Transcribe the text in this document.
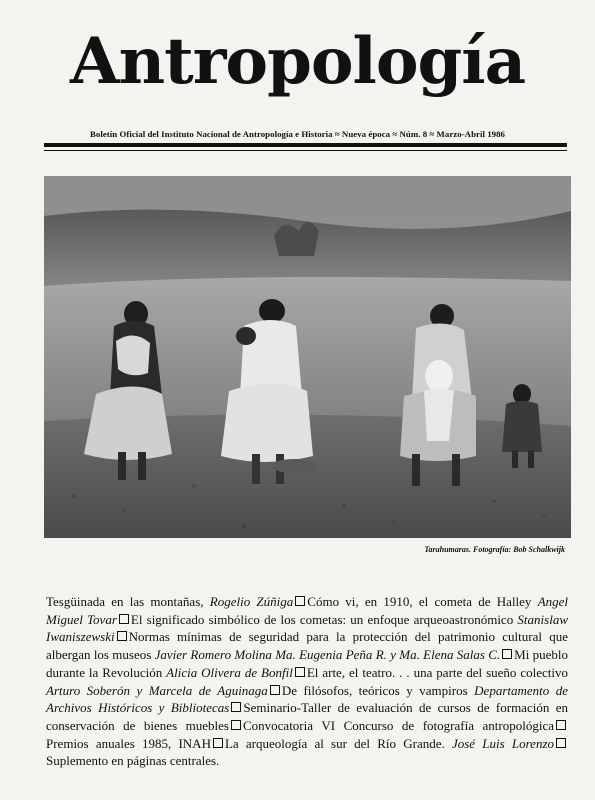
Antropología
Boletín Oficial del Instituto Nacional de Antropología e Historia ≈ Nueva época ≈ Núm. 8 ≈ Marzo-Abril 1986
Tarahumaras. Fotografía: Bob Schalkwijk
Tesgüinada en las montañas, Rogelio Zúñiga Cómo vi, en 1910, el cometa de Halley Angel Miguel Tovar El significado simbólico de los cometas: un enfoque arqueoastronómico Stanislaw Iwaniszewski Normas mínimas de seguridad para la protección del patrimonio cultural que albergan los museos Javier Romero Molina Ma. Eugenia Peña R. y Ma. Elena Salas C. Mi pueblo durante la Revolución Alicia Olivera de Bonfil El arte, el teatro. . . una parte del sueño colectivo Arturo Soberón y Marcela de Aguinaga De filósofos, teóricos y vampiros Departamento de Archivos Históricos y Bibliotecas Seminario-Taller de evaluación de cursos de formación en conservación de bienes muebles Convocatoria VI Concurso de fotografía antropológicaPremios anuales 1985, INAH La arqueología al sur del Río Grande. José Luis LorenzoSuplemento en páginas centrales.
